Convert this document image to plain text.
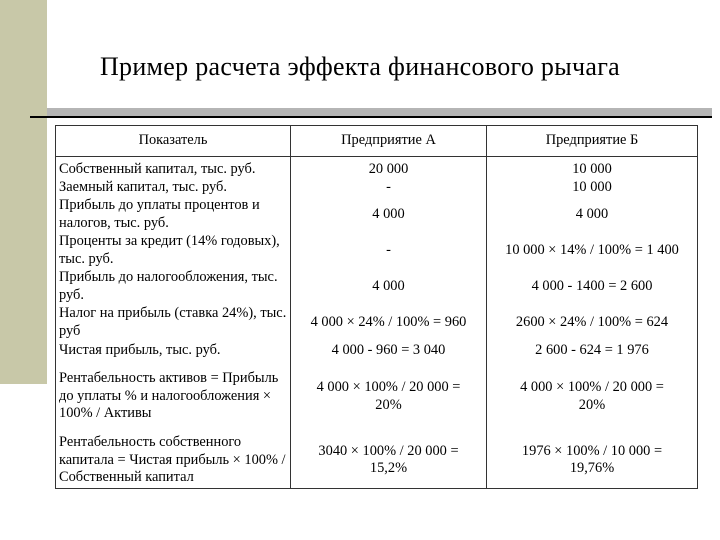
Пример расчета эффекта финансового рычага
Показатель	Предприятие А	Предприятие Б
Собственный капитал, тыс. руб.	20 000	10 000
Заемный капитал, тыс. руб.	-	10 000
Прибыль до уплаты процентов и налогов, тыс. руб.	4 000	4 000
Проценты за кредит (14% годовых), тыс. руб.	-	10 000 × 14% / 100% = 1 400
Прибыль до налогообложения, тыс. руб.	4 000	4 000 - 1400 = 2 600
Налог на прибыль (ставка 24%), тыс. руб	4 000 × 24% / 100% = 960	2600 × 24% / 100% = 624
Чистая прибыль, тыс. руб.	4 000 - 960 = 3 040	2 600 - 624 = 1 976
Рентабельность активов = Прибыль до уплаты % и налогообложения × 100% / Активы	4 000 × 100% / 20 000 = 20%	4 000 × 100% / 20 000 = 20%
Рентабельность собственного капитала = Чистая прибыль × 100% / Собственный капитал	3040 × 100% / 20 000 = 15,2%	1976 × 100% / 10 000 = 19,76%
